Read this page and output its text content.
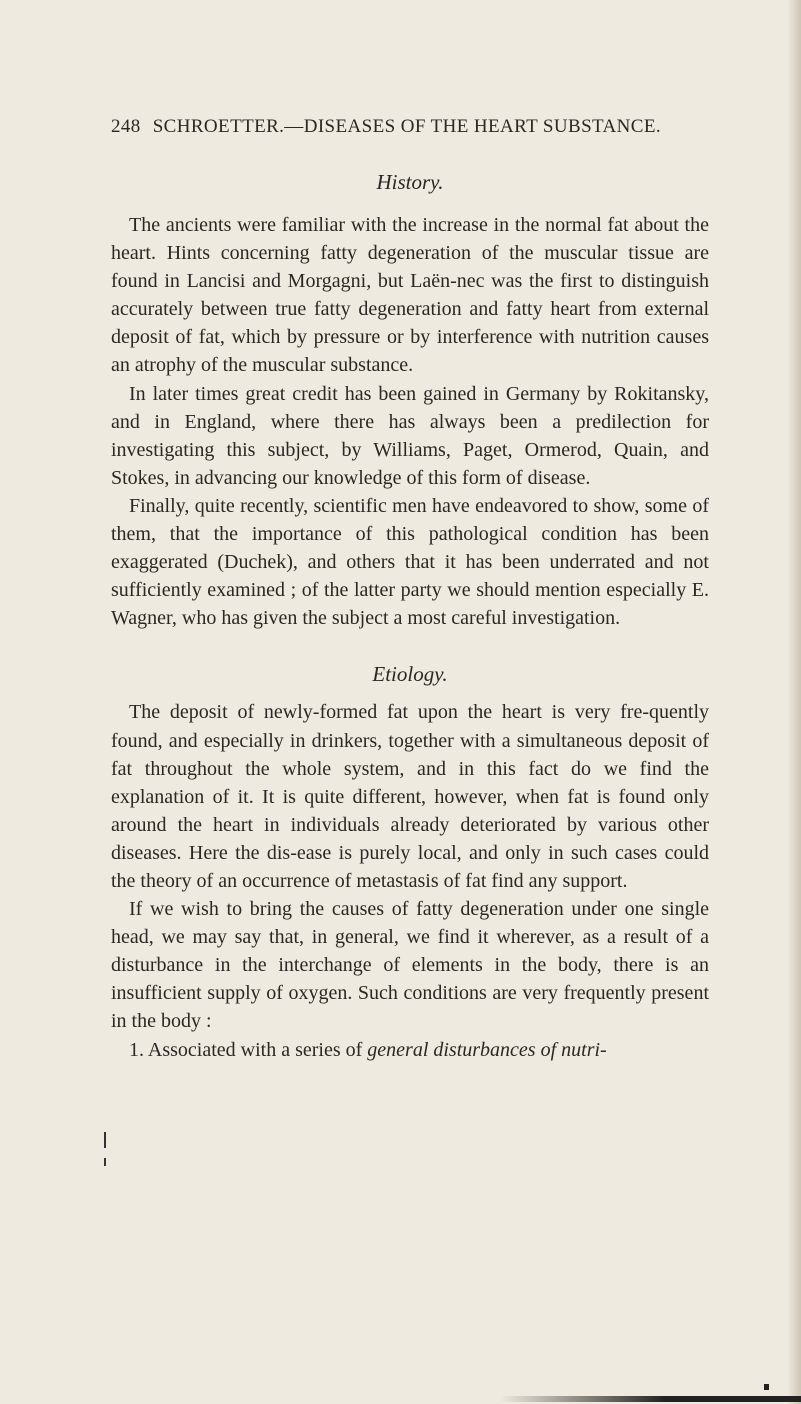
248 SCHROETTER.—DISEASES OF THE HEART SUBSTANCE.
History.

The ancients were familiar with the increase in the normal fat about the heart. Hints concerning fatty degeneration of the muscular tissue are found in Lancisi and Morgagni, but Laën-nec was the first to distinguish accurately between true fatty degeneration and fatty heart from external deposit of fat, which by pressure or by interference with nutrition causes an atrophy of the muscular substance.

In later times great credit has been gained in Germany by Rokitansky, and in England, where there has always been a predilection for investigating this subject, by Williams, Paget, Ormerod, Quain, and Stokes, in advancing our knowledge of this form of disease.

Finally, quite recently, scientific men have endeavored to show, some of them, that the importance of this pathological condition has been exaggerated (Duchek), and others that it has been underrated and not sufficiently examined ; of the latter party we should mention especially E. Wagner, who has given the subject a most careful investigation.

Etiology.

The deposit of newly-formed fat upon the heart is very fre-quently found, and especially in drinkers, together with a simultaneous deposit of fat throughout the whole system, and in this fact do we find the explanation of it. It is quite different, however, when fat is found only around the heart in individuals already deteriorated by various other diseases. Here the dis-ease is purely local, and only in such cases could the theory of an occurrence of metastasis of fat find any support.

If we wish to bring the causes of fatty degeneration under one single head, we may say that, in general, we find it wherever, as a result of a disturbance in the interchange of elements in the body, there is an insufficient supply of oxygen. Such conditions are very frequently present in the body :

1. Associated with a series of general disturbances of nutri-
